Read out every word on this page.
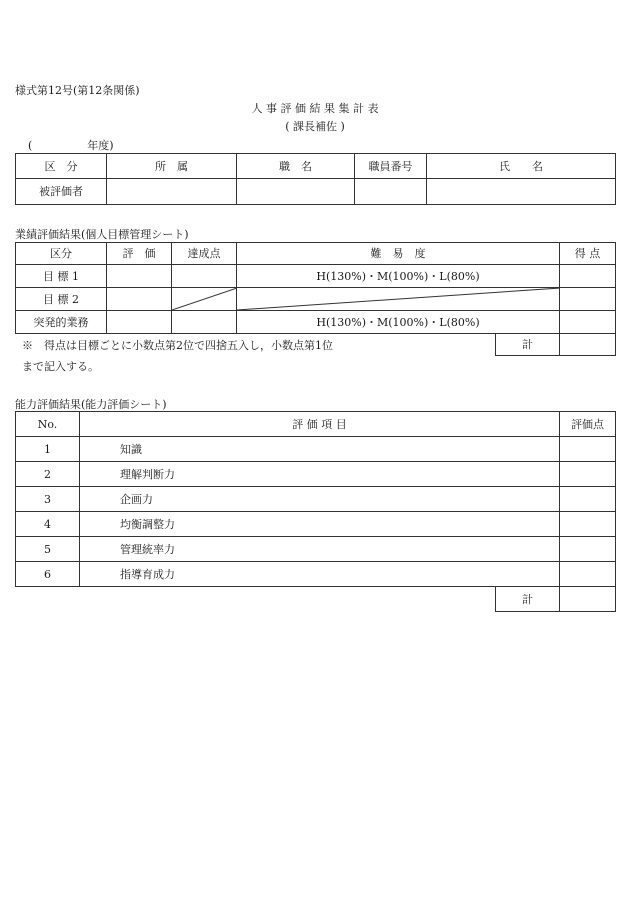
様式第12号(第12条関係)
人 事 評 価 結 果 集 計 表
( 課長補佐 )
(　　　　　年度)
区　分	所　属	職　名	職員番号	氏　　名
被評価者				
業績評価結果(個人目標管理シート)
区分	評　価	達成点	難　易　度	得 点
目 標 1			H(130%)・M(100%)・L(80%)	
目 標 2		

突発的業務			H(130%)・M(100%)・L(80%)	
※　得点は目標ごとに小数点第2位で四捨五入し，小数点第1位
まで記入する。
計	
能力評価結果(能力評価シート)
No.	評 価 項 目	評価点
1	知識	
2	理解判断力	
3	企画力	
4	均衡調整力	
5	管理統率力	
6	指導育成力	
計	
